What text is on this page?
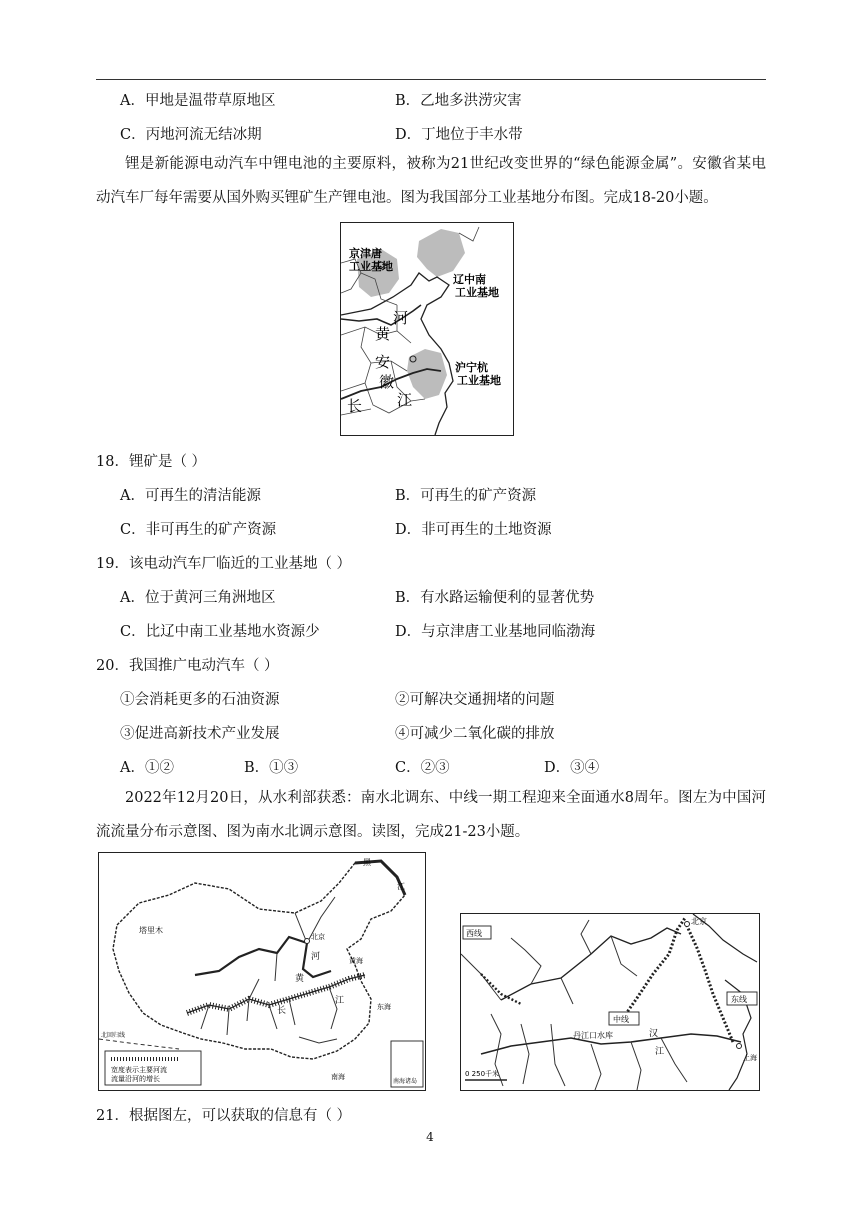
A．甲地是温带草原地区	B．乙地多洪涝灾害
C．丙地河流无结冰期	D．丁地位于丰水带
锂是新能源电动汽车中锂电池的主要原料，被称为21世纪改变世界的“绿色能源金属”。安徽省某电动汽车厂每年需要从国外购买锂矿生产锂电池。图为我国部分工业基地分布图。完成18-20小题。
京津唐
工业基地
辽中南
工业基地
河
黄
安
徽
江
长
沪宁杭
工业基地
18．锂矿是（ ）
A．可再生的清洁能源	B．可再生的矿产资源
C．非可再生的矿产资源	D．非可再生的土地资源
19．该电动汽车厂临近的工业基地（ ）
A．位于黄河三角洲地区	B．有水路运输便利的显著优势
C．比辽中南工业基地水资源少	D．与京津唐工业基地同临渤海
20．我国推广电动汽车（ ）
①会消耗更多的石油资源	②可解决交通拥堵的问题
③促进高新技术产业发展	④可减少二氧化碳的排放
A．①②	B．①③	C．②③	D．③④
2022年12月20日，从水利部获悉：南水北调东、中线一期工程迎来全面通水8周年。图左为中国河流流量分布示意图、图为南水北调示意图。读图，完成21-23小题。
宽度表示主要河流
流量沿河的增长	南海诸岛
黑
江
塔里木
北京
黄
河	黄海
长
江
东海
南海
北回归线
西线
中线
东线
北京
丹江口水库	汉
江
上海
0 250千米
21．根据图左，可以获取的信息有（ ）
4
